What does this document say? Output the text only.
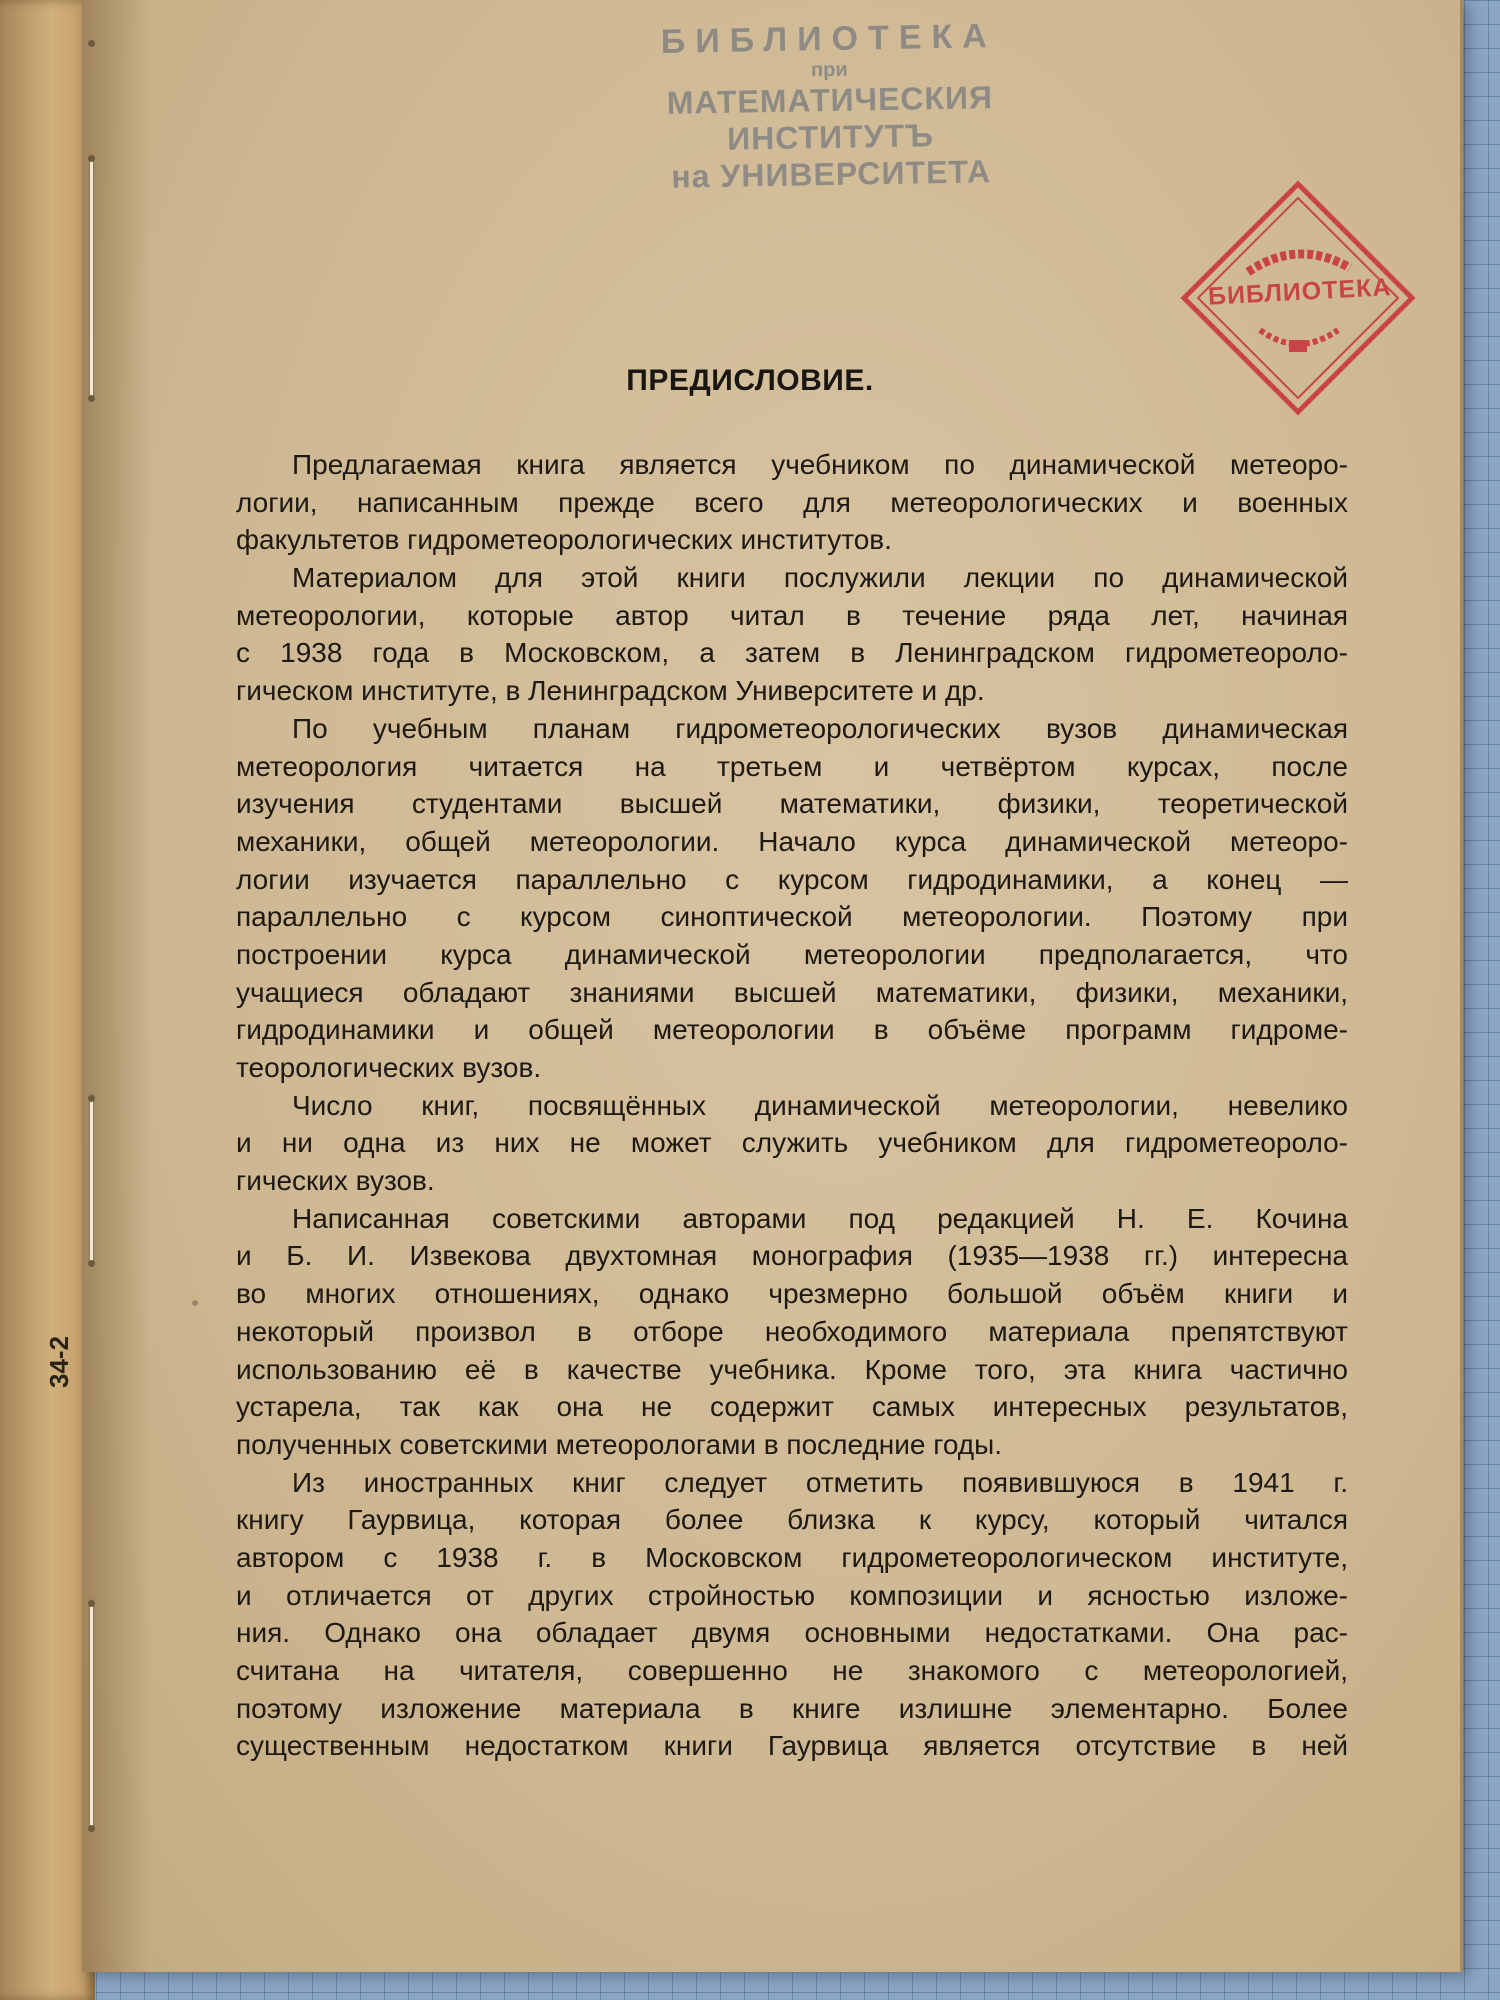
БИБЛИОТЕКА
при
МАТЕМАТИЧЕСКИЯ ИНСТИТУТЪ
на УНИВЕРСИТЕТА
БИБЛИОТЕКА
34-2
ПРЕДИСЛОВИЕ.
Предлагаемая книга является учебником по динамической метеоро-
логии, написанным прежде всего для метеорологических и военных
факультетов гидрометеорологических институтов.
Материалом для этой книги послужили лекции по динамической
метеорологии, которые автор читал в течение ряда лет, начиная
с 1938 года в Московском, а затем в Ленинградском гидрометеороло-
гическом институте, в Ленинградском Университете и др.
По учебным планам гидрометеорологических вузов динамическая
метеорология читается на третьем и четвёртом курсах, после
изучения студентами высшей математики, физики, теоретической
механики, общей метеорологии. Начало курса динамической метеоро-
логии изучается параллельно с курсом гидродинамики, а конец —
параллельно с курсом синоптической метеорологии. Поэтому при
построении курса динамической метеорологии предполагается, что
учащиеся обладают знаниями высшей математики, физики, механики,
гидродинамики и общей метеорологии в объёме программ гидроме-
теорологических вузов.
Число книг, посвящённых динамической метеорологии, невелико
и ни одна из них не может служить учебником для гидрометеороло-
гических вузов.
Написанная советскими авторами под редакцией Н. Е. Кочина
и Б. И. Извекова двухтомная монография (1935—1938 гг.) интересна
во многих отношениях, однако чрезмерно большой объём книги и
некоторый произвол в отборе необходимого материала препятствуют
использованию её в качестве учебника. Кроме того, эта книга частично
устарела, так как она не содержит самых интересных результатов,
полученных советскими метеорологами в последние годы.
Из иностранных книг следует отметить появившуюся в 1941 г.
книгу Гаурвица, которая более близка к курсу, который читался
автором с 1938 г. в Московском гидрометеорологическом институте,
и отличается от других стройностью композиции и ясностью изложе-
ния. Однако она обладает двумя основными недостатками. Она рас-
считана на читателя, совершенно не знакомого с метеорологией,
поэтому изложение материала в книге излишне элементарно. Более
существенным недостатком книги Гаурвица является отсутствие в ней
